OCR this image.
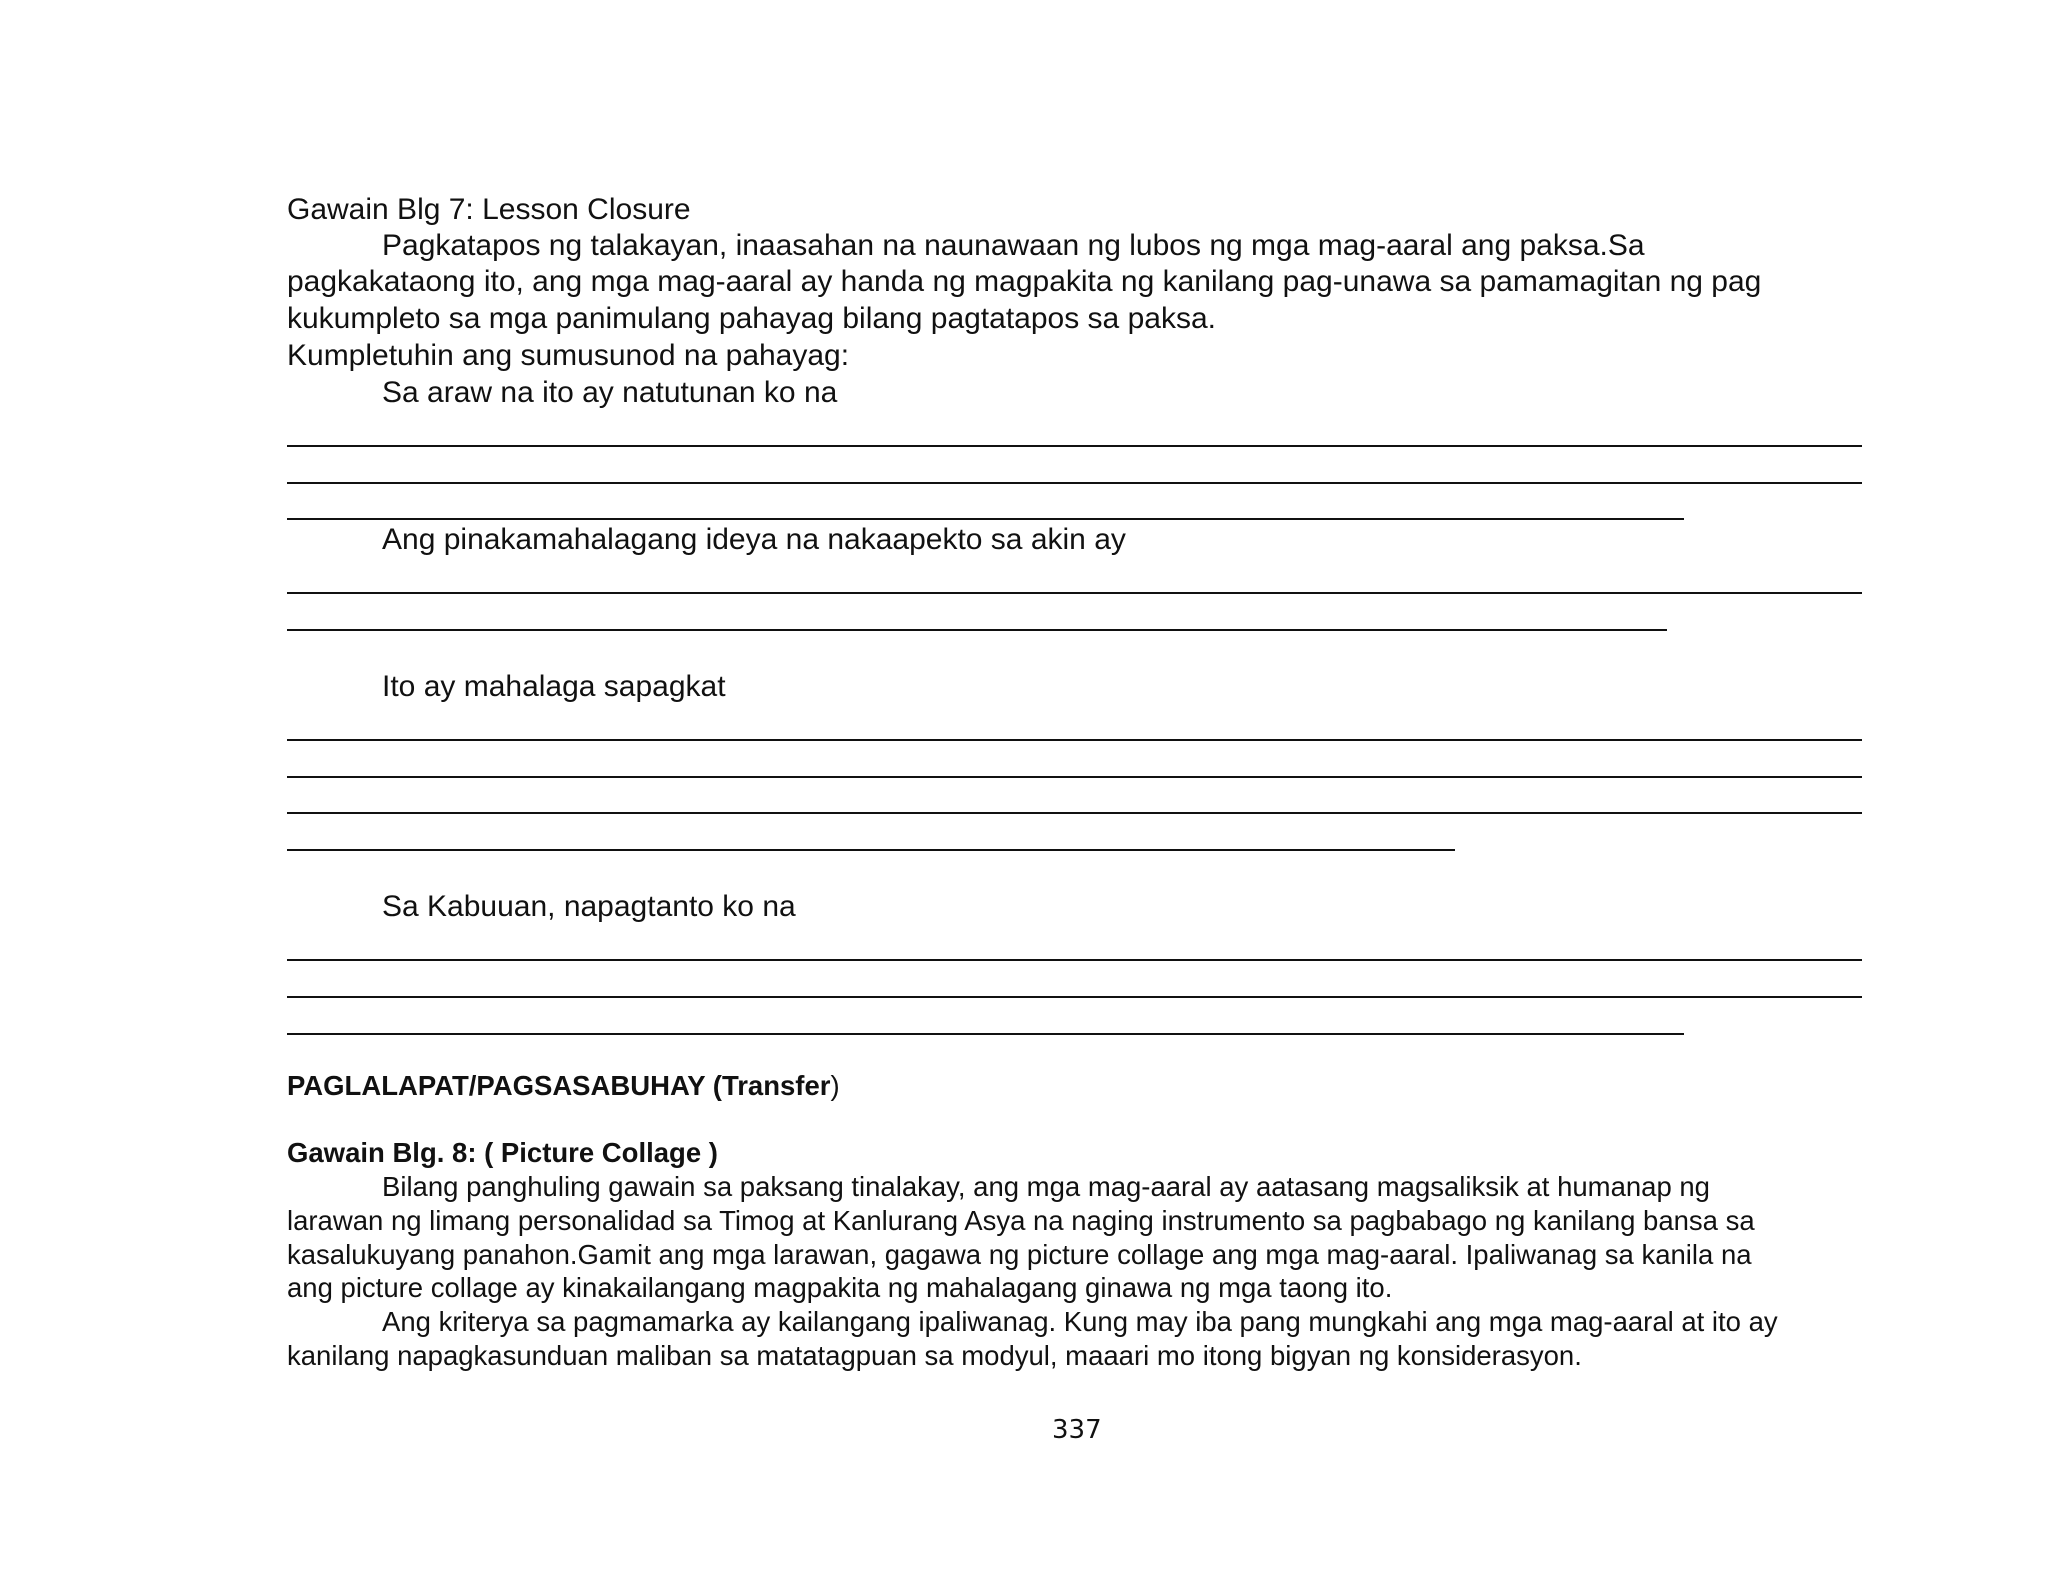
Gawain Blg 7: Lesson Closure
Pagkatapos ng talakayan, inaasahan na naunawaan ng lubos ng mga mag-aaral ang paksa.Sa
pagkakataong ito, ang mga mag-aaral ay handa ng magpakita ng kanilang pag-unawa sa pamamagitan ng pag
kukumpleto sa mga panimulang pahayag bilang pagtatapos sa paksa.
Kumpletuhin ang sumusunod na pahayag:
Sa araw na ito ay natutunan ko na
Ang pinakamahalagang ideya na nakaapekto sa akin ay
Ito ay mahalaga sapagkat
Sa Kabuuan, napagtanto ko na
PAGLALAPAT/PAGSASABUHAY (Transfer)
Gawain Blg. 8: ( Picture Collage )
Bilang panghuling gawain sa paksang tinalakay, ang mga mag-aaral ay aatasang magsaliksik at humanap ng
larawan ng limang personalidad sa Timog at Kanlurang Asya na naging instrumento sa pagbabago ng kanilang bansa sa
kasalukuyang panahon.Gamit ang mga larawan, gagawa ng picture collage ang mga mag-aaral. Ipaliwanag sa kanila na
ang picture collage ay kinakailangang magpakita ng mahalagang ginawa ng mga taong ito.
Ang kriterya sa pagmamarka ay kailangang ipaliwanag. Kung may iba pang mungkahi ang mga mag-aaral at ito ay
kanilang napagkasunduan maliban sa matatagpuan sa modyul, maaari mo itong bigyan ng konsiderasyon.
337
